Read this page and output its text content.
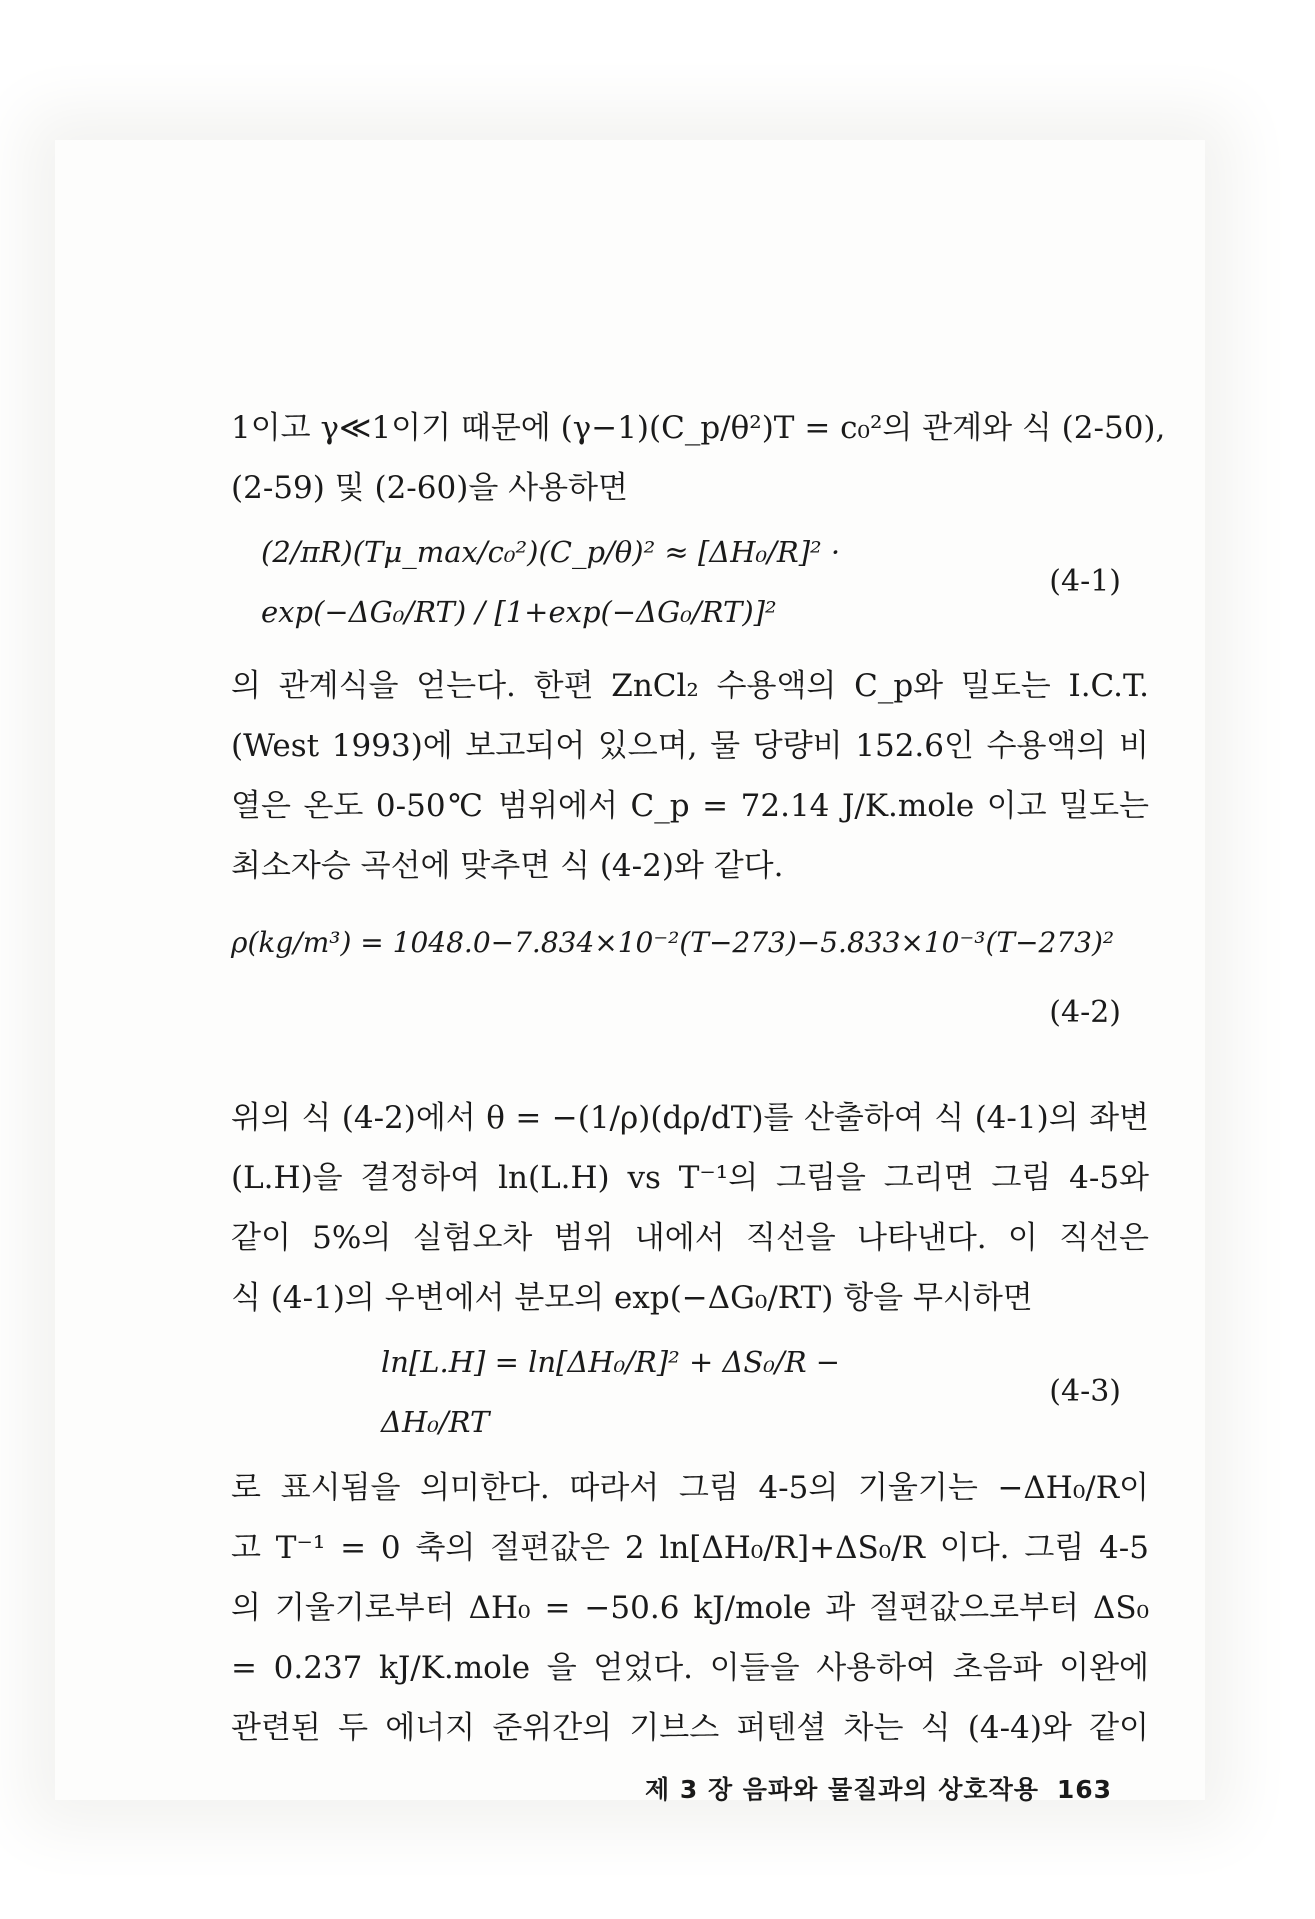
1이고 γ≪1이기 때문에 (γ−1)(C_p/θ²)T = c₀²의 관계와 식 (2-50),
(2-59) 및 (2-60)을 사용하면

(2/πR)(Tμ_max/c₀²)(C_p/θ)² ≈ [ΔH₀/R]² · exp(−ΔG₀/RT) / [1+exp(−ΔG₀/RT)]²
(4-1)

의 관계식을 얻는다. 한편 ZnCl₂ 수용액의 C_p와 밀도는 I.C.T.
(West 1993)에 보고되어 있으며, 물 당량비 152.6인 수용액의 비
열은 온도 0-50℃ 범위에서 C_p = 72.14 J/K.mole 이고 밀도는
최소자승 곡선에 맞추면 식 (4-2)와 같다.

ρ(kg/m³) = 1048.0−7.834×10⁻²(T−273)−5.833×10⁻³(T−273)²
(4-2)

위의 식 (4-2)에서 θ = −(1/ρ)(dρ/dT)를 산출하여 식 (4-1)의 좌변
(L.H)을 결정하여 ln(L.H) vs T⁻¹의 그림을 그리면 그림 4-5와
같이 5%의 실험오차 범위 내에서 직선을 나타낸다. 이 직선은
식 (4-1)의 우변에서 분모의 exp(−ΔG₀/RT) 항을 무시하면

ln[L.H] = ln[ΔH₀/R]² + ΔS₀/R − ΔH₀/RT
(4-3)

로 표시됨을 의미한다. 따라서 그림 4-5의 기울기는 −ΔH₀/R이
고 T⁻¹ = 0 축의 절편값은 2 ln[ΔH₀/R]+ΔS₀/R 이다. 그림 4-5
의 기울기로부터 ΔH₀ = −50.6 kJ/mole 과 절편값으로부터 ΔS₀
= 0.237 kJ/K.mole 을 얻었다. 이들을 사용하여 초음파 이완에
관련된 두 에너지 준위간의 기브스 퍼텐셜 차는 식 (4-4)와 같이

제 3 장 음파와 물질과의 상호작용 163
